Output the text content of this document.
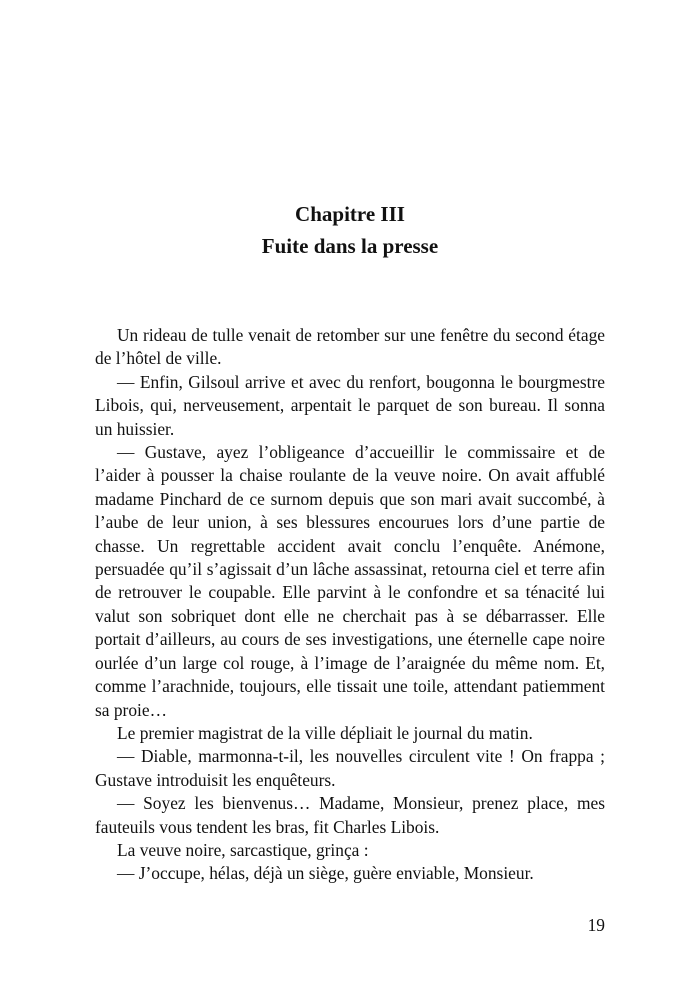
Chapitre III
Fuite dans la presse

Un rideau de tulle venait de retomber sur une fenêtre du second étage de l’hôtel de ville.

— Enfin, Gilsoul arrive et avec du renfort, bougonna le bourgmestre Libois, qui, nerveusement, arpentait le parquet de son bureau. Il sonna un huissier.

— Gustave, ayez l’obligeance d’accueillir le commissaire et de l’aider à pousser la chaise roulante de la veuve noire. On avait affublé madame Pinchard de ce surnom depuis que son mari avait succombé, à l’aube de leur union, à ses blessures encourues lors d’une partie de chasse. Un regrettable accident avait conclu l’enquête. Anémone, persuadée qu’il s’agissait d’un lâche assassinat, retourna ciel et terre afin de retrouver le coupable. Elle parvint à le confondre et sa ténacité lui valut son sobriquet dont elle ne cherchait pas à se débarrasser. Elle portait d’ailleurs, au cours de ses investigations, une éternelle cape noire ourlée d’un large col rouge, à l’image de l’araignée du même nom. Et, comme l’arachnide, toujours, elle tissait une toile, attendant patiemment sa proie…

Le premier magistrat de la ville dépliait le journal du matin.

— Diable, marmonna-t-il, les nouvelles circulent vite ! On frappa ; Gustave introduisit les enquêteurs.

— Soyez les bienvenus… Madame, Monsieur, prenez place, mes fauteuils vous tendent les bras, fit Charles Libois.

La veuve noire, sarcastique, grinça :

— J’occupe, hélas, déjà un siège, guère enviable, Monsieur.

19
